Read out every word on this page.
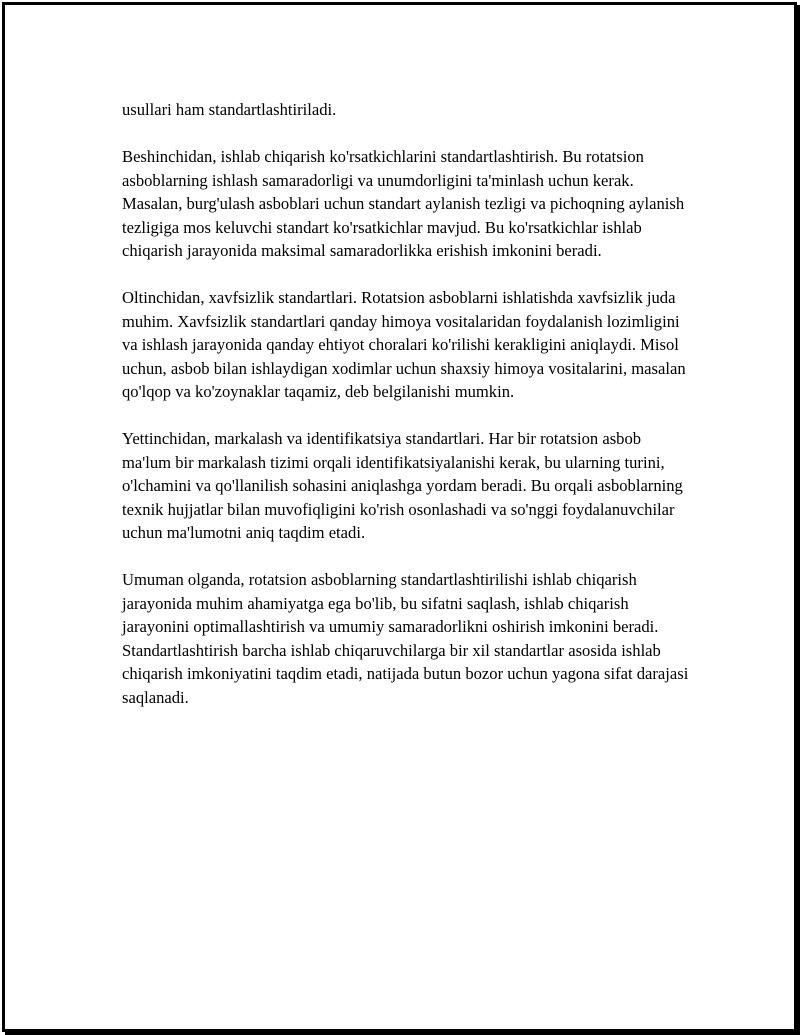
usullari ham standartlashtiriladi.

Beshinchidan, ishlab chiqarish ko'rsatkichlarini standartlashtirish. Bu rotatsion asboblarning ishlash samaradorligi va unumdorligini ta'minlash uchun kerak. Masalan, burg'ulash asboblari uchun standart aylanish tezligi va pichoqning aylanish tezligiga mos keluvchi standart ko'rsatkichlar mavjud. Bu ko'rsatkichlar ishlab chiqarish jarayonida maksimal samaradorlikka erishish imkonini beradi.

Oltinchidan, xavfsizlik standartlari. Rotatsion asboblarni ishlatishda xavfsizlik juda muhim. Xavfsizlik standartlari qanday himoya vositalaridan foydalanish lozimligini va ishlash jarayonida qanday ehtiyot choralari ko'rilishi kerakligini aniqlaydi. Misol uchun, asbob bilan ishlaydigan xodimlar uchun shaxsiy himoya vositalarini, masalan qo'lqop va ko'zoynaklar taqamiz, deb belgilanishi mumkin.

Yettinchidan, markalash va identifikatsiya standartlari. Har bir rotatsion asbob ma'lum bir markalash tizimi orqali identifikatsiyalanishi kerak, bu ularning turini, o'lchamini va qo'llanilish sohasini aniqlashga yordam beradi. Bu orqali asboblarning texnik hujjatlar bilan muvofiqligini ko'rish osonlashadi va so'nggi foydalanuvchilar uchun ma'lumotni aniq taqdim etadi.

Umuman olganda, rotatsion asboblarning standartlashtirilishi ishlab chiqarish jarayonida muhim ahamiyatga ega bo'lib, bu sifatni saqlash, ishlab chiqarish jarayonini optimallashtirish va umumiy samaradorlikni oshirish imkonini beradi. Standartlashtirish barcha ishlab chiqaruvchilarga bir xil standartlar asosida ishlab chiqarish imkoniyatini taqdim etadi, natijada butun bozor uchun yagona sifat darajasi saqlanadi.
